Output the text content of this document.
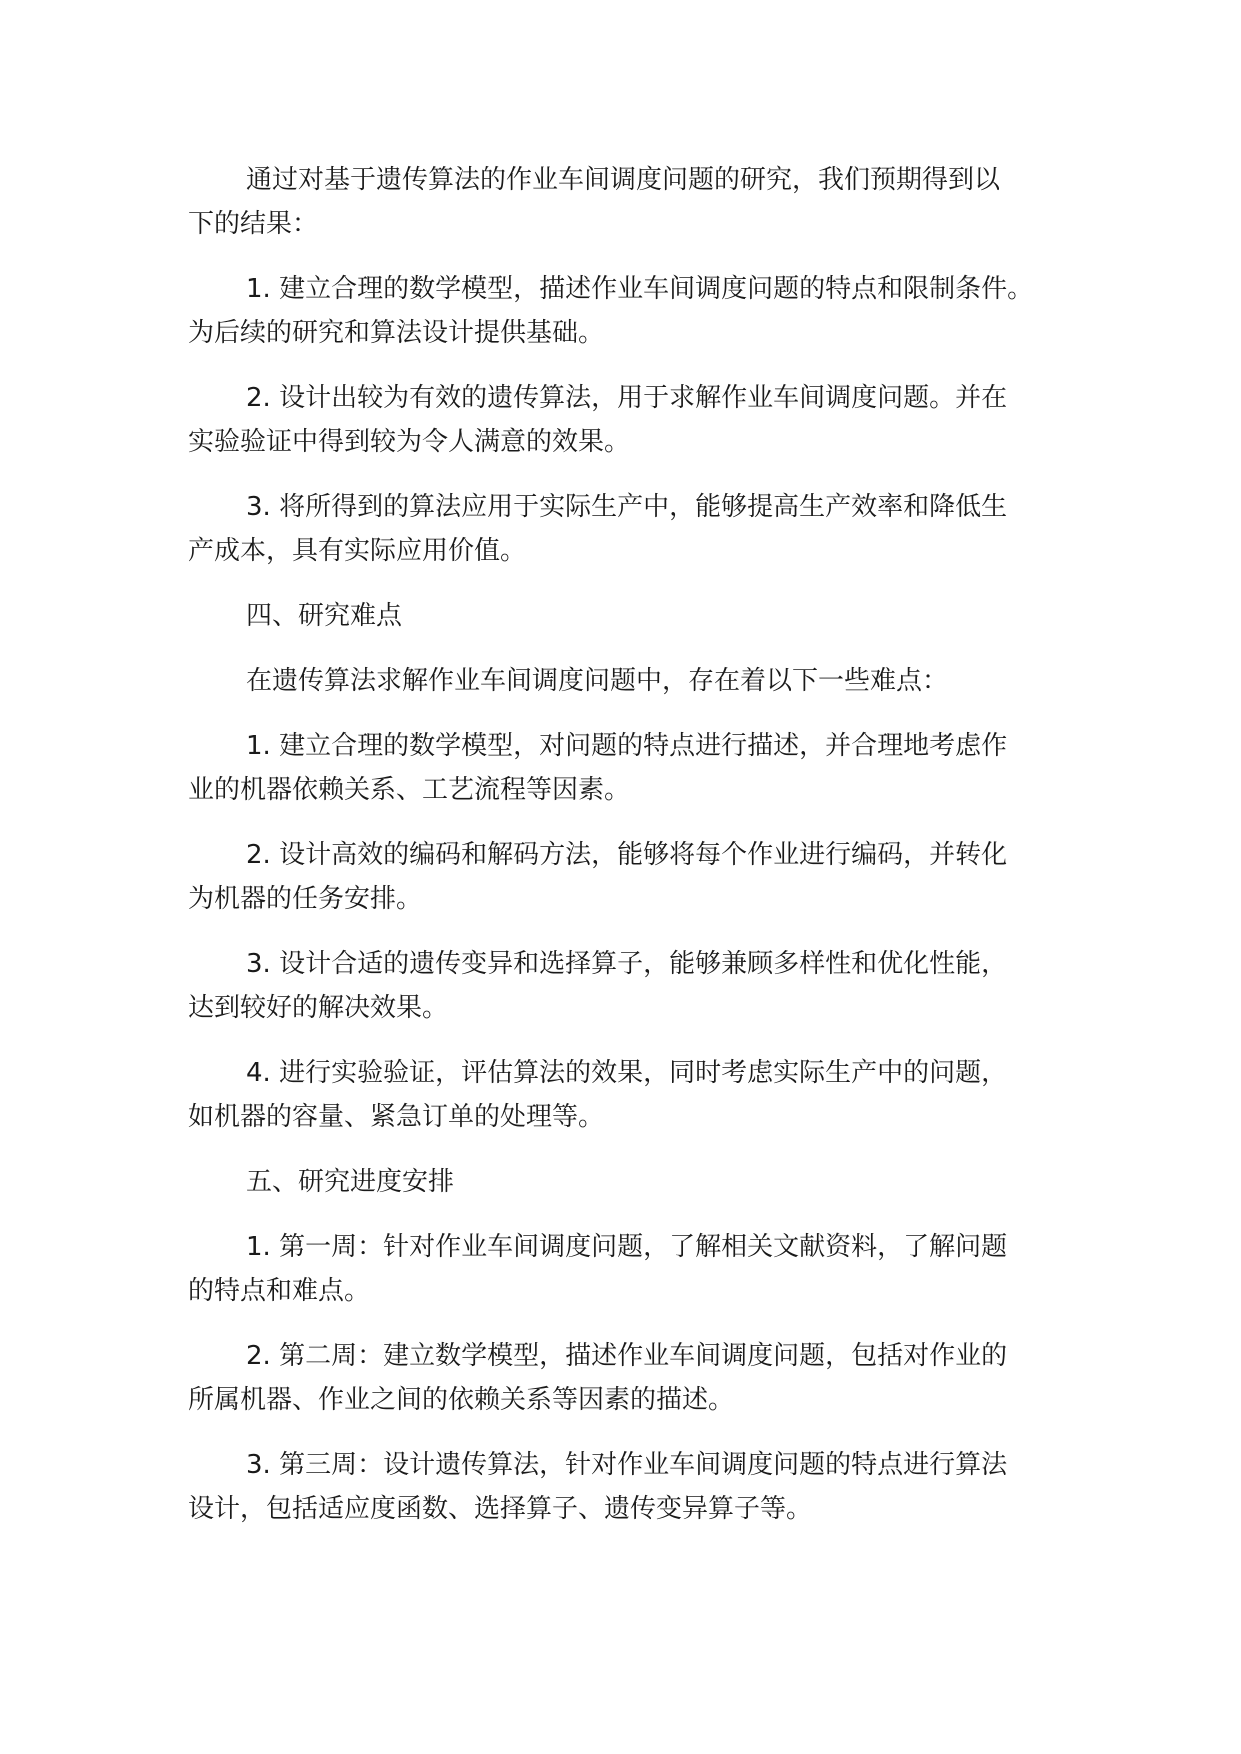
通过对基于遗传算法的作业车间调度问题的研究，我们预期得到以
下的结果：

1. 建立合理的数学模型，描述作业车间调度问题的特点和限制条件。
为后续的研究和算法设计提供基础。

2. 设计出较为有效的遗传算法，用于求解作业车间调度问题。并在
实验验证中得到较为令人满意的效果。

3. 将所得到的算法应用于实际生产中，能够提高生产效率和降低生
产成本，具有实际应用价值。

四、研究难点

在遗传算法求解作业车间调度问题中，存在着以下一些难点：

1. 建立合理的数学模型，对问题的特点进行描述，并合理地考虑作
业的机器依赖关系、工艺流程等因素。

2. 设计高效的编码和解码方法，能够将每个作业进行编码，并转化
为机器的任务安排。

3. 设计合适的遗传变异和选择算子，能够兼顾多样性和优化性能，
达到较好的解决效果。

4. 进行实验验证，评估算法的效果，同时考虑实际生产中的问题，
如机器的容量、紧急订单的处理等。

五、研究进度安排

1. 第一周：针对作业车间调度问题，了解相关文献资料，了解问题
的特点和难点。

2. 第二周：建立数学模型，描述作业车间调度问题，包括对作业的
所属机器、作业之间的依赖关系等因素的描述。

3. 第三周：设计遗传算法，针对作业车间调度问题的特点进行算法
设计，包括适应度函数、选择算子、遗传变异算子等。
